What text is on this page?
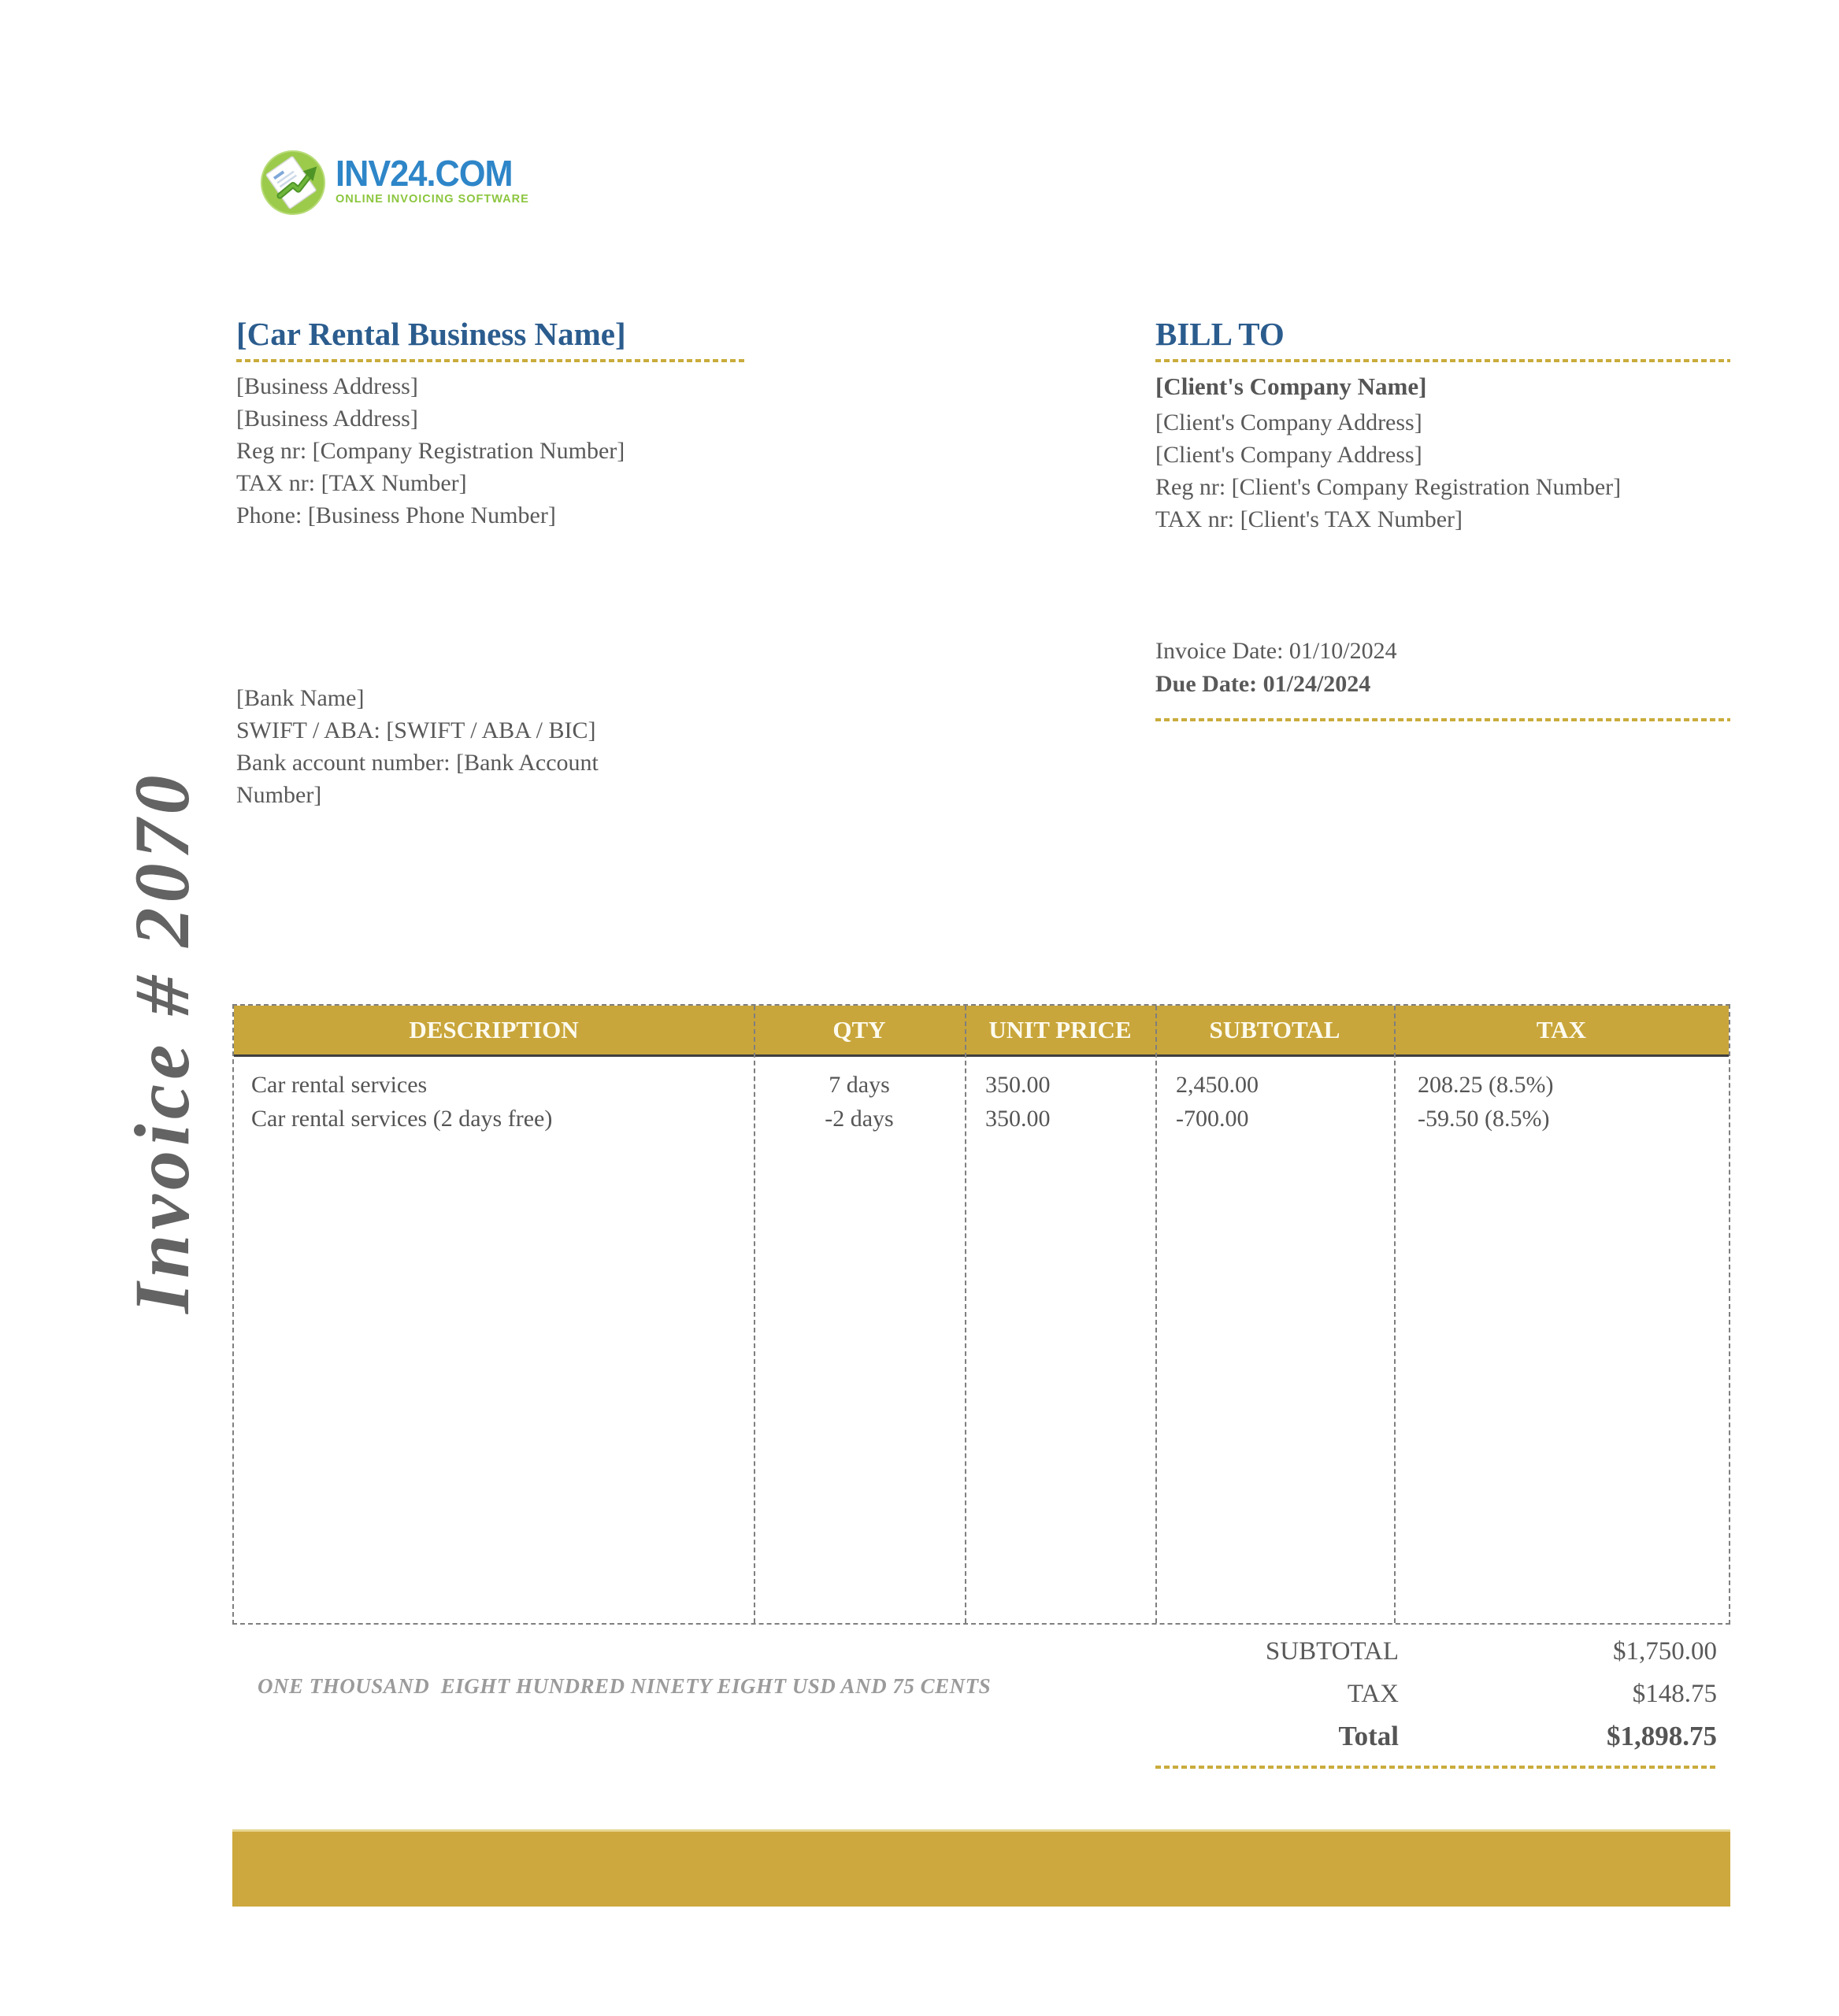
INV24.COM
ONLINE INVOICING SOFTWARE
Invoice # 2070
[Car Rental Business Name]
[Business Address]
[Business Address]
Reg nr: [Company Registration Number]
TAX nr: [TAX Number]
Phone: [Business Phone Number]
BILL TO
[Client's Company Name]
[Client's Company Address]
[Client's Company Address]
Reg nr: [Client's Company Registration Number]
TAX nr: [Client's TAX Number]
Invoice Date: 01/10/2024
Due Date: 01/24/2024
[Bank Name]
SWIFT / ABA: [SWIFT / ABA / BIC]
Bank account number: [Bank Account Number]
DESCRIPTION	QTY	UNIT PRICE	SUBTOTAL	TAX
Car rental services	7 days	350.00	2,450.00	208.25 (8.5%)
Car rental services (2 days free)	-2 days	350.00	-700.00	-59.50 (8.5%)
SUBTOTAL	$1,750.00
TAX	$148.75
Total	$1,898.75
ONE THOUSAND  EIGHT HUNDRED NINETY EIGHT USD AND 75 CENTS
